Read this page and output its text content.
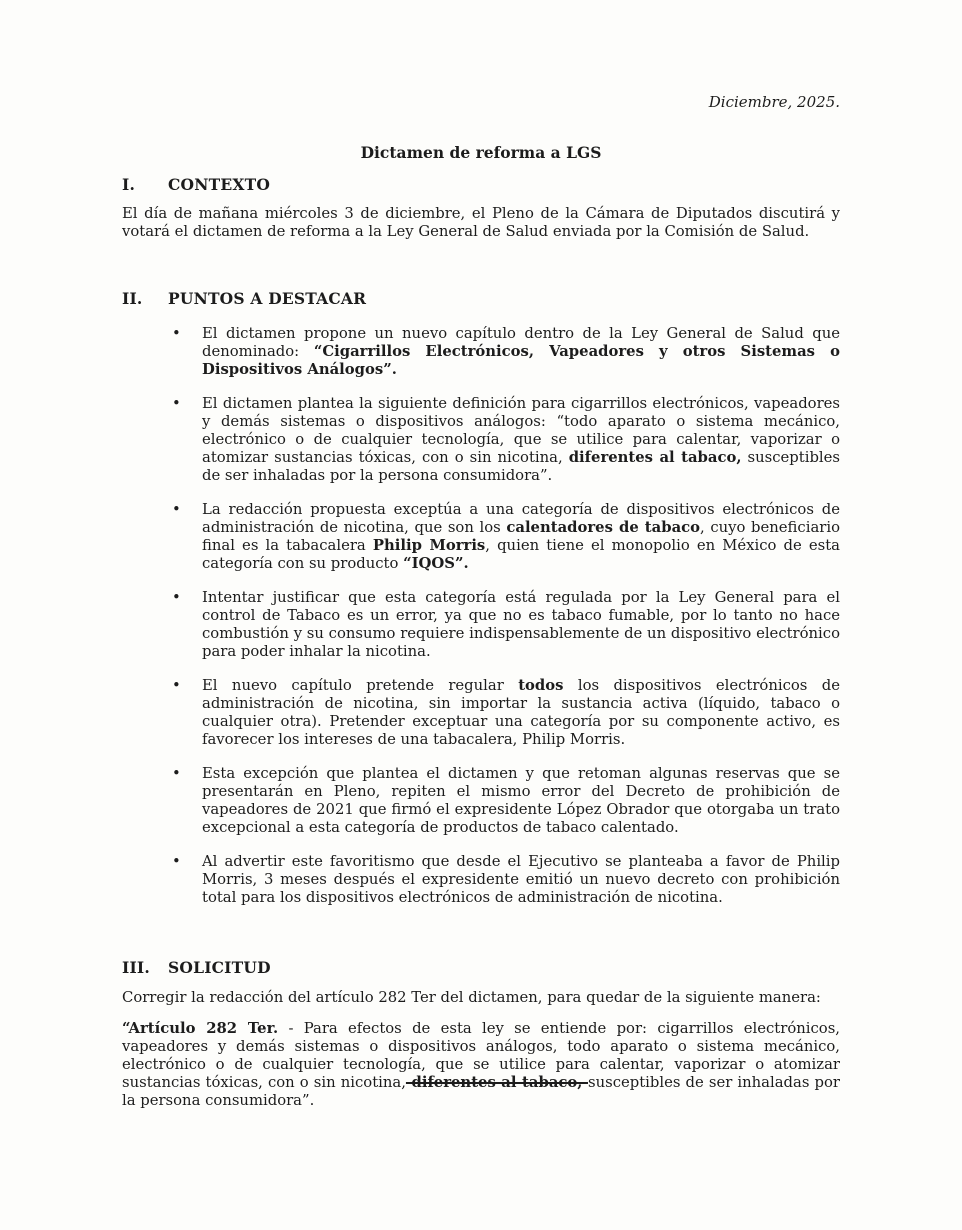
Diciembre, 2025.

Dictamen de reforma a LGS
I.	CONTEXTO

El día de mañana miércoles 3 de diciembre, el Pleno de la Cámara de Diputados discutirá y votará el dictamen de reforma a la Ley General de Salud enviada por la Comisión de Salud.

II.	PUNTOS A DESTACAR
•	El dictamen propone un nuevo capítulo dentro de la Ley General de Salud que denominado: “Cigarrillos Electrónicos, Vapeadores y otros Sistemas o Dispositivos Análogos”.
•	El dictamen plantea la siguiente definición para cigarrillos electrónicos, vapeadores y demás sistemas o dispositivos análogos: “todo aparato o sistema mecánico, electrónico o de cualquier tecnología, que se utilice para calentar, vaporizar o atomizar sustancias tóxicas, con o sin nicotina, diferentes al tabaco, susceptibles de ser inhaladas por la persona consumidora”.
•	La redacción propuesta exceptúa a una categoría de dispositivos electrónicos de administración de nicotina, que son los calentadores de tabaco, cuyo beneficiario final es la tabacalera Philip Morris, quien tiene el monopolio en México de esta categoría con su producto “IQOS”.
•	Intentar justificar que esta categoría está regulada por la Ley General para el control de Tabaco es un error, ya que no es tabaco fumable, por lo tanto no hace combustión y su consumo requiere indispensablemente de un dispositivo electrónico para poder inhalar la nicotina.
•	El nuevo capítulo pretende regular todos los dispositivos electrónicos de administración de nicotina, sin importar la sustancia activa (líquido, tabaco o cualquier otra). Pretender exceptuar una categoría por su componente activo, es favorecer los intereses de una tabacalera, Philip Morris.
•	Esta excepción que plantea el dictamen y que retoman algunas reservas que se presentarán en Pleno, repiten el mismo error del Decreto de prohibición de vapeadores de 2021 que firmó el expresidente López Obrador que otorgaba un trato excepcional a esta categoría de productos de tabaco calentado.
•	Al advertir este favoritismo que desde el Ejecutivo se planteaba a favor de Philip Morris, 3 meses después el expresidente emitió un nuevo decreto con prohibición total para los dispositivos electrónicos de administración de nicotina.
III.	SOLICITUD

Corregir la redacción del artículo 282 Ter del dictamen, para quedar de la siguiente manera:

“Artículo 282 Ter. - Para efectos de esta ley se entiende por: cigarrillos electrónicos, vapeadores y demás sistemas o dispositivos análogos, todo aparato o sistema mecánico, electrónico o de cualquier tecnología, que se utilice para calentar, vaporizar o atomizar sustancias tóxicas, con o sin nicotina, diferentes al tabaco, susceptibles de ser inhaladas por la persona consumidora”.
